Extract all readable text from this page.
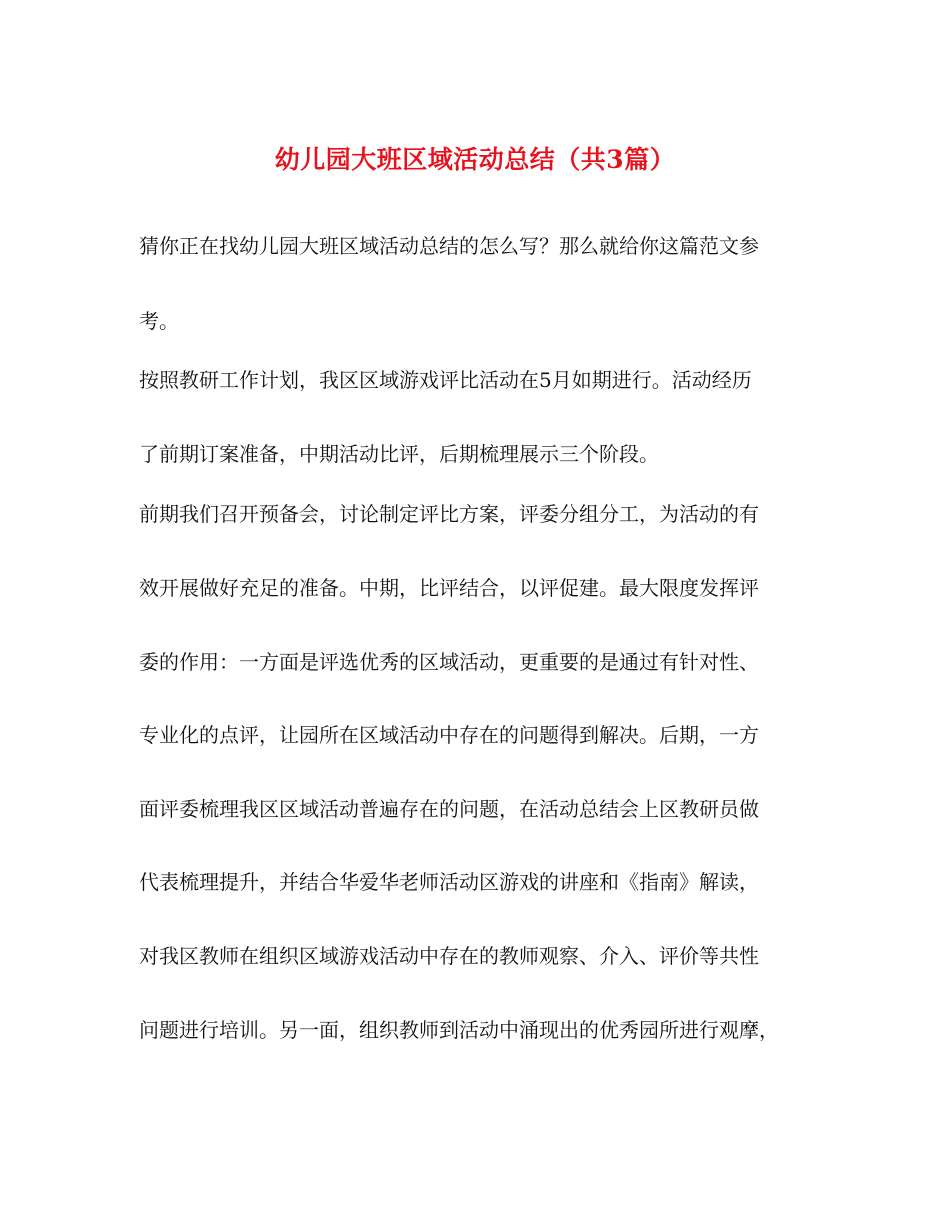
幼儿园大班区域活动总结（共3篇）
猜你正在找幼儿园大班区域活动总结的怎么写？那么就给你这篇范文参
考。
按照教研工作计划，我区区域游戏评比活动在5月如期进行。活动经历
了前期订案准备，中期活动比评，后期梳理展示三个阶段。
前期我们召开预备会，讨论制定评比方案，评委分组分工，为活动的有
效开展做好充足的准备。中期，比评结合，以评促建。最大限度发挥评
委的作用：一方面是评选优秀的区域活动，更重要的是通过有针对性、
专业化的点评，让园所在区域活动中存在的问题得到解决。后期，一方
面评委梳理我区区域活动普遍存在的问题，在活动总结会上区教研员做
代表梳理提升，并结合华爱华老师活动区游戏的讲座和《指南》解读，
对我区教师在组织区域游戏活动中存在的教师观察、介入、评价等共性
问题进行培训。另一面，组织教师到活动中涌现出的优秀园所进行观摩，
